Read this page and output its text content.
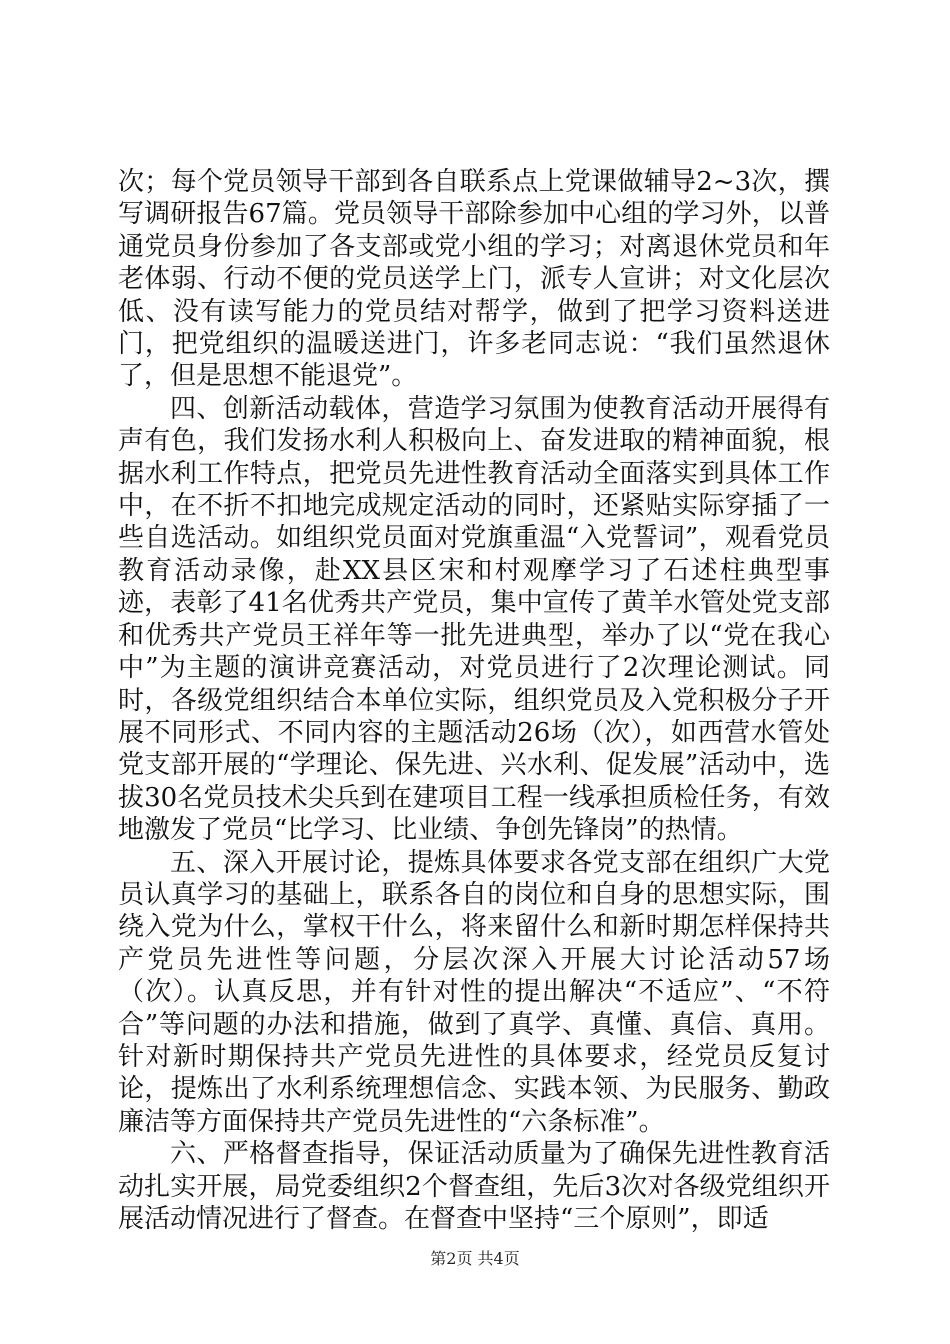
次；每个党员领导干部到各自联系点上党课做辅导2~3次，撰写调研报告67篇。党员领导干部除参加中心组的学习外，以普通党员身份参加了各支部或党小组的学习；对离退休党员和年老体弱、行动不便的党员送学上门，派专人宣讲；对文化层次低、没有读写能力的党员结对帮学，做到了把学习资料送进门，把党组织的温暖送进门，许多老同志说：“我们虽然退休了，但是思想不能退党”。

四、创新活动载体，营造学习氛围为使教育活动开展得有声有色，我们发扬水利人积极向上、奋发进取的精神面貌，根据水利工作特点，把党员先进性教育活动全面落实到具体工作中，在不折不扣地完成规定活动的同时，还紧贴实际穿插了一些自选活动。如组织党员面对党旗重温“入党誓词”，观看党员教育活动录像，赴XX县区宋和村观摩学习了石述柱典型事迹，表彰了41名优秀共产党员，集中宣传了黄羊水管处党支部和优秀共产党员王祥年等一批先进典型，举办了以“党在我心中”为主题的演讲竞赛活动，对党员进行了2次理论测试。同时，各级党组织结合本单位实际，组织党员及入党积极分子开展不同形式、不同内容的主题活动26场（次），如西营水管处党支部开展的“学理论、保先进、兴水利、促发展”活动中，选拔30名党员技术尖兵到在建项目工程一线承担质检任务，有效地激发了党员“比学习、比业绩、争创先锋岗”的热情。

五、深入开展讨论，提炼具体要求各党支部在组织广大党员认真学习的基础上，联系各自的岗位和自身的思想实际，围绕入党为什么，掌权干什么，将来留什么和新时期怎样保持共产党员先进性等问题，分层次深入开展大讨论活动57场（次）。认真反思，并有针对性的提出解决“不适应”、“不符合”等问题的办法和措施，做到了真学、真懂、真信、真用。针对新时期保持共产党员先进性的具体要求，经党员反复讨论，提炼出了水利系统理想信念、实践本领、为民服务、勤政廉洁等方面保持共产党员先进性的“六条标准”。

六、严格督查指导，保证活动质量为了确保先进性教育活动扎实开展，局党委组织2个督查组，先后3次对各级党组织开展活动情况进行了督查。在督查中坚持“三个原则”，即适

第2页 共4页
